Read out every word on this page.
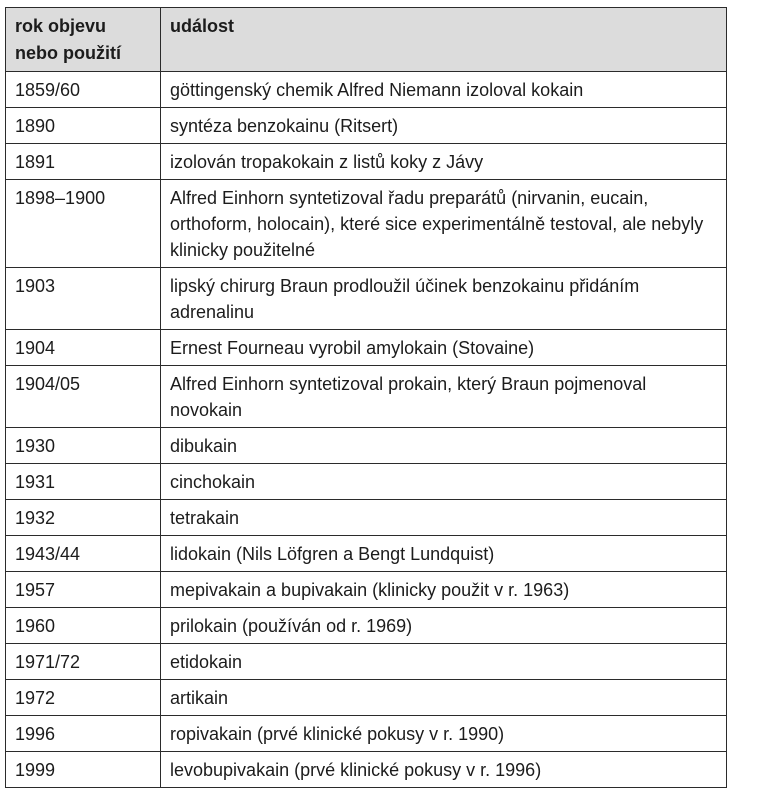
rok objevu
nebo použití	událost
1859/60	göttingenský chemik Alfred Niemann izoloval kokain
1890	syntéza benzokainu (Ritsert)
1891	izolován tropakokain z listů koky z Jávy
1898–1900	Alfred Einhorn syntetizoval řadu preparátů (nirvanin, eucain, orthoform, holocain), které sice experimentálně testoval, ale nebyly klinicky použitelné
1903	lipský chirurg Braun prodloužil účinek benzokainu přidáním adrenalinu
1904	Ernest Fourneau vyrobil amylokain (Stovaine)
1904/05	Alfred Einhorn syntetizoval prokain, který Braun pojmenoval novokain
1930	dibukain
1931	cinchokain
1932	tetrakain
1943/44	lidokain (Nils Löfgren a Bengt Lundquist)
1957	mepivakain a bupivakain (klinicky použit v r. 1963)
1960	prilokain (používán od r. 1969)
1971/72	etidokain
1972	artikain
1996	ropivakain (prvé klinické pokusy v r. 1990)
1999	levobupivakain (prvé klinické pokusy v r. 1996)
